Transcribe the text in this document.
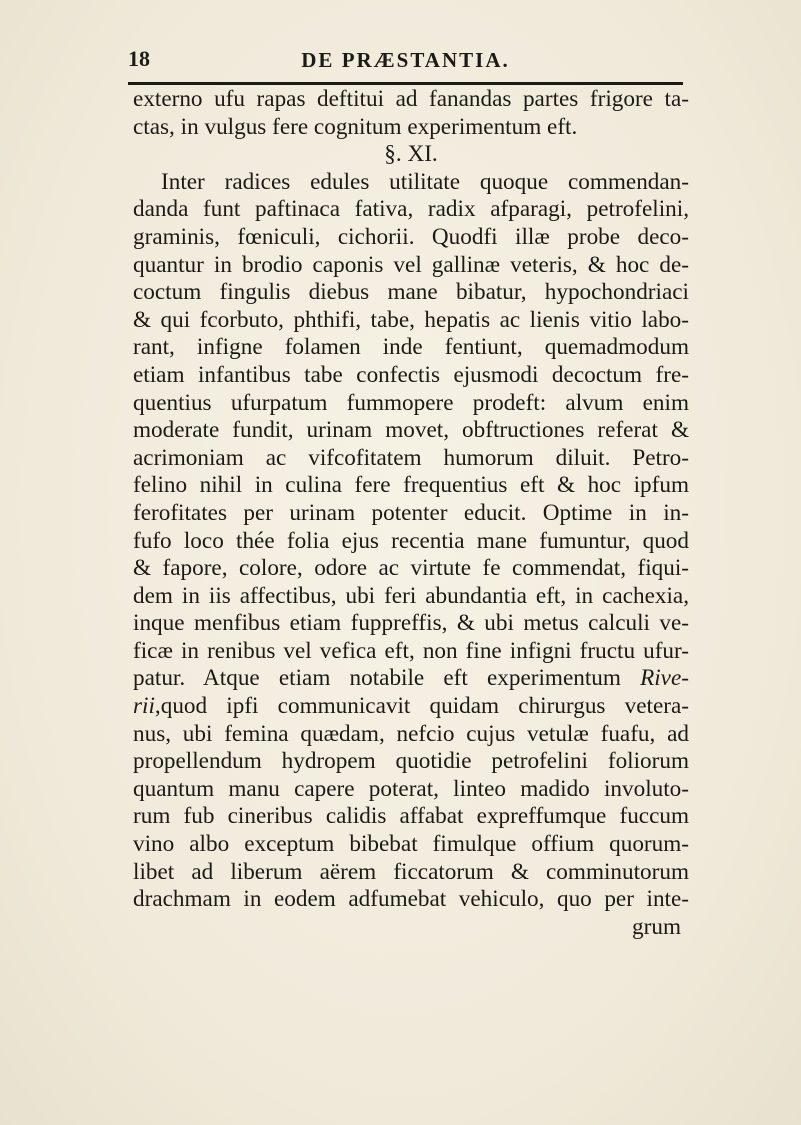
18	DE PRÆSTANTIA.
externo ufu rapas deftitui ad fanandas partes frigore ta-
ctas, in vulgus fere cognitum experimentum eft.
§. XI.
Inter radices edules utilitate quoque commendan-
danda funt paftinaca fativa, radix afparagi, petrofelini,
graminis, fœniculi, cichorii. Quodfi illæ probe deco-
quantur in brodio caponis vel gallinæ veteris, & hoc de-
coctum fingulis diebus mane bibatur, hypochondriaci
& qui fcorbuto, phthifi, tabe, hepatis ac lienis vitio labo-
rant, infigne folamen inde fentiunt, quemadmodum
etiam infantibus tabe confectis ejusmodi decoctum fre-
quentius ufurpatum fummopere prodeft: alvum enim
moderate fundit, urinam movet, obftructiones referat &
acrimoniam ac vifcofitatem humorum diluit. Petro-
felino nihil in culina fere frequentius eft & hoc ipfum
ferofitates per urinam potenter educit. Optime in in-
fufo loco thée folia ejus recentia mane fumuntur, quod
& fapore, colore, odore ac virtute fe commendat, fiqui-
dem in iis affectibus, ubi feri abundantia eft, in cachexia,
inque menfibus etiam fuppreffis, & ubi metus calculi ve-
ficæ in renibus vel vefica eft, non fine infigni fructu ufur-
patur. Atque etiam notabile eft experimentum Rive-
rii,quod ipfi communicavit quidam chirurgus vetera-
nus, ubi femina quædam, nefcio cujus vetulæ fuafu, ad
propellendum hydropem quotidie petrofelini foliorum
quantum manu capere poterat, linteo madido involuto-
rum fub cineribus calidis affabat expreffumque fuccum
vino albo exceptum bibebat fimulque offium quorum-
libet ad liberum aërem ficcatorum & comminutorum
drachmam in eodem adfumebat vehiculo, quo per inte-
grum
